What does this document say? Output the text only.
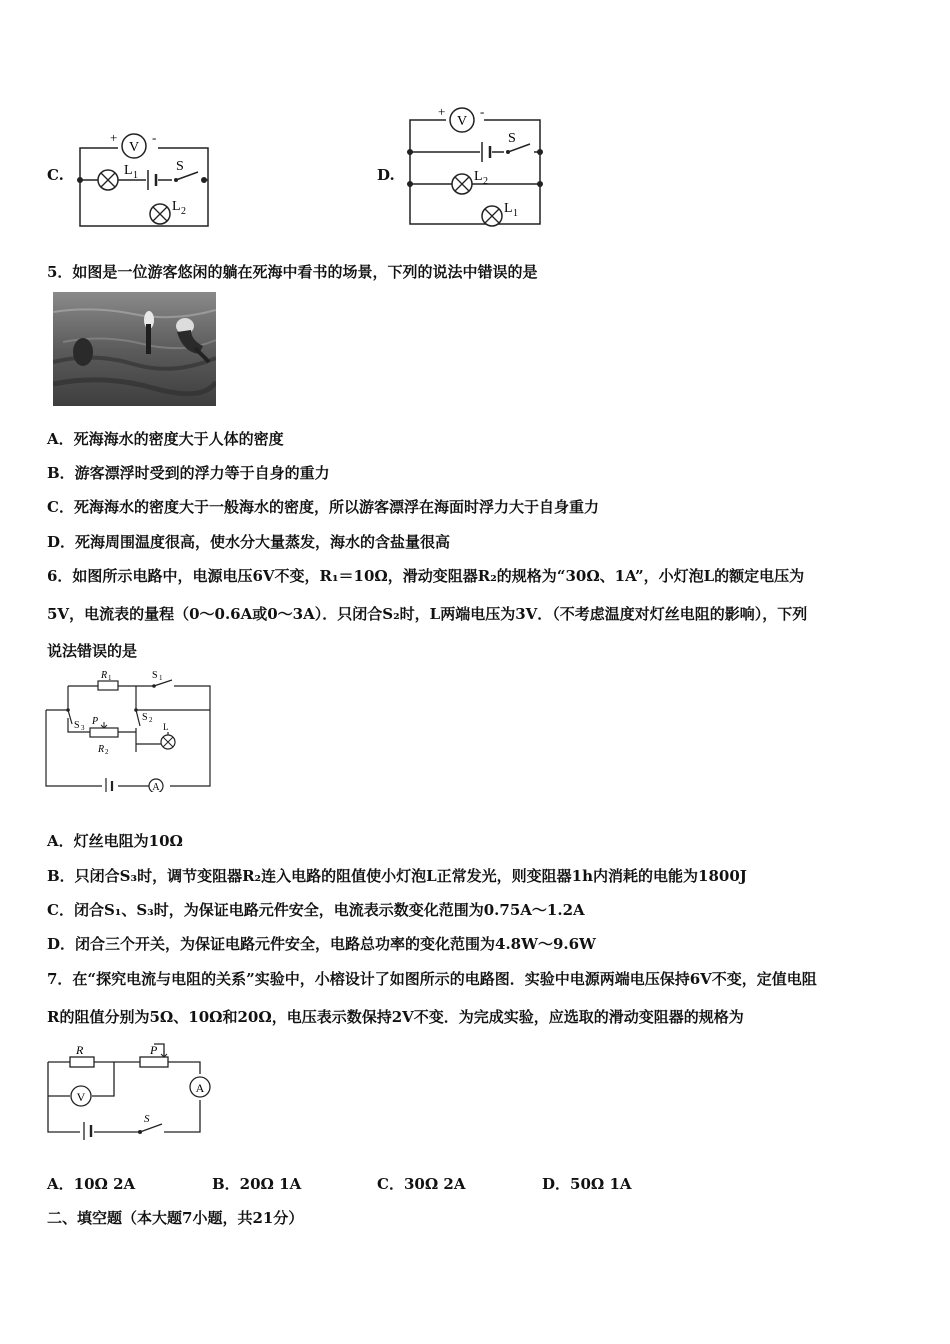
C.
V
+	-
L 1
S
L 2
D.
V
+	-
S
L 2
L 1
5．如图是一位游客悠闲的躺在死海中看书的场景，下列的说法中错误的是
A．死海海水的密度大于人体的密度
B．游客漂浮时受到的浮力等于自身的重力
C．死海海水的密度大于一般海水的密度，所以游客漂浮在海面时浮力大于自身重力
D．死海周围温度很高，使水分大量蒸发，海水的含盐量很高
6．如图所示电路中，电源电压6V不变，R₁＝10Ω，滑动变阻器R₂的规格为“30Ω、1A”，小灯泡L的额定电压为
5V，电流表的量程（0～0.6A或0～3A）．只闭合S₂时，L两端电压为3V．（不考虑温度对灯丝电阻的影响），下列
说法错误的是
R 1	S 1
S 3
S 2
P
R 2
L
A
A．灯丝电阻为10Ω
B．只闭合S₃时，调节变阻器R₂连入电路的阻值使小灯泡L正常发光，则变阻器1h内消耗的电能为1800J
C．闭合S₁、S₃时，为保证电路元件安全，电流表示数变化范围为0.75A～1.2A
D．闭合三个开关，为保证电路元件安全，电路总功率的变化范围为4.8W～9.6W
7．在“探究电流与电阻的关系”实验中，小榕设计了如图所示的电路图．实验中电源两端电压保持6V不变，定值电阻
R的阻值分别为5Ω、10Ω和20Ω，电压表示数保持2V不变．为完成实验，应选取的滑动变阻器的规格为
R	P
V
A
S
A．10Ω 2A	B．20Ω 1A	C．30Ω 2A	D．50Ω 1A
二、填空题（本大题7小题，共21分）
